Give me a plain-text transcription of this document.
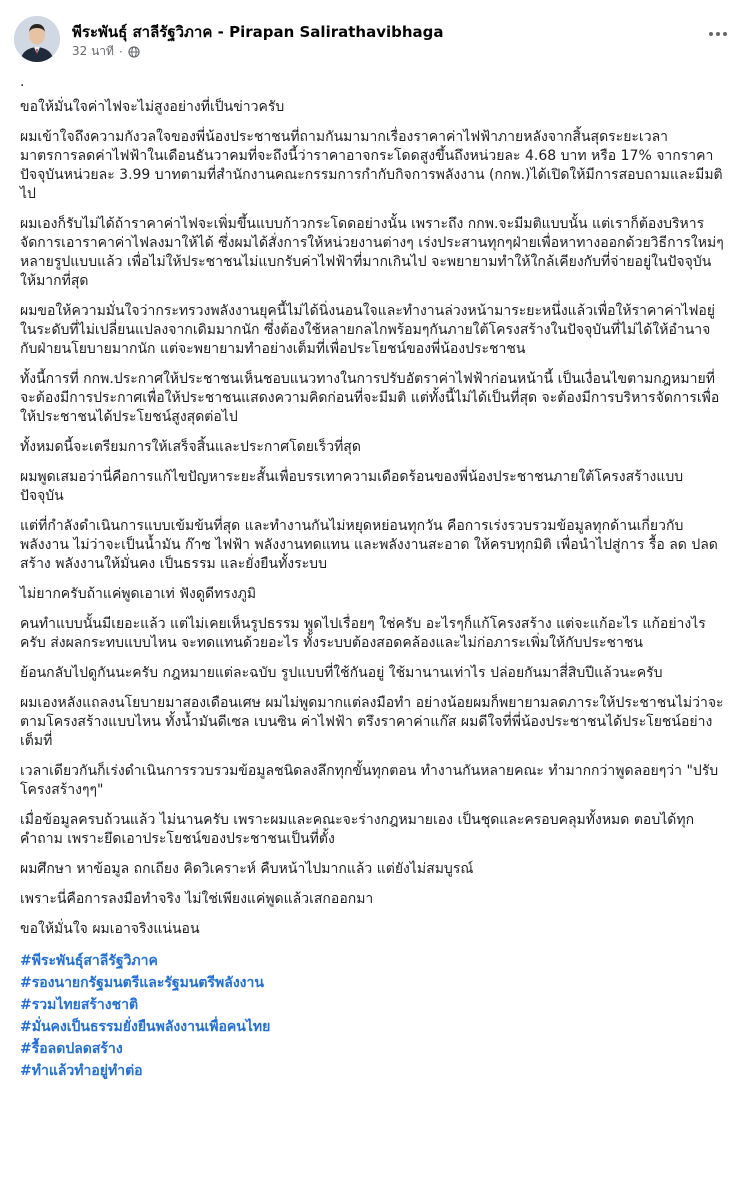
พีระพันธุ์ สาลีรัฐวิภาค - Pirapan Salirathavibhaga
32 นาที ·
.

ขอให้มั่นใจค่าไฟจะไม่สูงอย่างที่เป็นข่าวครับ

ผมเข้าใจถึงความกังวลใจของพี่น้องประชาชนที่ถามกันมามากเรื่องราคาค่าไฟฟ้าภายหลังจากสิ้นสุดระยะเวลามาตรการลดค่าไฟฟ้าในเดือนธันวาคมที่จะถึงนี้ว่าราคาอาจกระโดดสูงขึ้นถึงหน่วยละ 4.68 บาท หรือ 17% จากราคาปัจจุบันหน่วยละ 3.99 บาทตามที่สำนักงานคณะกรรมการกำกับกิจการพลังงาน (กกพ.)ได้เปิดให้มีการสอบถามและมีมติไป

ผมเองก็รับไม่ได้ถ้าราคาค่าไฟจะเพิ่มขึ้นแบบก้าวกระโดดอย่างนั้น เพราะถึง กกพ.จะมีมติแบบนั้น แต่เราก็ต้องบริหารจัดการเอาราคาค่าไฟลงมาให้ได้ ซึ่งผมได้สั่งการให้หน่วยงานต่างๆ เร่งประสานทุกๆฝ่ายเพื่อหาทางออกด้วยวิธีการใหม่ๆหลายรูปแบบแล้ว เพื่อไม่ให้ประชาชนไม่แบกรับค่าไฟฟ้าที่มากเกินไป จะพยายามทำให้ใกล้เคียงกับที่จ่ายอยู่ในปัจจุบันให้มากที่สุด

ผมขอให้ความมั่นใจว่ากระทรวงพลังงานยุคนี้ไม่ได้นิ่งนอนใจและทำงานล่วงหน้ามาระยะหนึ่งแล้วเพื่อให้ราคาค่าไฟอยู่ในระดับที่ไม่เปลี่ยนแปลงจากเดิมมากนัก ซึ่งต้องใช้หลายกลไกพร้อมๆกันภายใต้โครงสร้างในปัจจุบันที่ไม่ได้ให้อำนาจกับฝ่ายนโยบายมากนัก แต่จะพยายามทำอย่างเต็มที่เพื่อประโยชน์ของพี่น้องประชาชน

ทั้งนี้การที่ กกพ.ประกาศให้ประชาชนเห็นชอบแนวทางในการปรับอัตราค่าไฟฟ้าก่อนหน้านี้ เป็นเงื่อนไขตามกฎหมายที่จะต้องมีการประกาศเพื่อให้ประชาชนแสดงความคิดก่อนที่จะมีมติ แต่ทั้งนี้ไม่ได้เป็นที่สุด จะต้องมีการบริหารจัดการเพื่อให้ประชาชนได้ประโยชน์สูงสุดต่อไป

ทั้งหมดนี้จะเตรียมการให้เสร็จสิ้นและประกาศโดยเร็วที่สุด

ผมพูดเสมอว่านี่คือการแก้ไขปัญหาระยะสั้นเพื่อบรรเทาความเดือดร้อนของพี่น้องประชาชนภายใต้โครงสร้างแบบปัจจุบัน

แต่ที่กำลังดำเนินการแบบเข้มข้นที่สุด และทำงานกันไม่หยุดหย่อนทุกวัน คือการเร่งรวบรวมข้อมูลทุกด้านเกี่ยวกับพลังงาน ไม่ว่าจะเป็นน้ำมัน ก๊าซ ไฟฟ้า พลังงานทดแทน และพลังงานสะอาด ให้ครบทุกมิติ เพื่อนำไปสู่การ รื้อ ลด ปลด สร้าง พลังงานให้มั่นคง เป็นธรรม และยั่งยืนทั้งระบบ

ไม่ยากครับถ้าแค่พูดเอาเท่ ฟังดูดีทรงภูมิ

คนทำแบบนั้นมีเยอะแล้ว แต่ไม่เคยเห็นรูปธรรม พูดไปเรื่อยๆ ใช่ครับ อะไรๆก็แก้โครงสร้าง แต่จะแก้อะไร แก้อย่างไรครับ ส่งผลกระทบแบบไหน จะทดแทนด้วยอะไร ทั้งระบบต้องสอดคล้องและไม่ก่อภาระเพิ่มให้กับประชาชน

ย้อนกลับไปดูกันนะครับ กฎหมายแต่ละฉบับ รูปแบบที่ใช้กันอยู่ ใช้มานานเท่าไร ปล่อยกันมาสี่สิบปีแล้วนะครับ

ผมเองหลังแถลงนโยบายมาสองเดือนเศษ ผมไม่พูดมากแต่ลงมือทำ อย่างน้อยผมก็พยายามลดภาระให้ประชาชนไม่ว่าจะตามโครงสร้างแบบไหน ทั้งน้ำมันดีเซล เบนซิน ค่าไฟฟ้า ตรึงราคาค่าแก๊ส ผมดีใจที่พี่น้องประชาชนได้ประโยชน์อย่างเต็มที่

เวลาเดียวกันก็เร่งดำเนินการรวบรวมข้อมูลชนิดลงลึกทุกขั้นทุกตอน ทำงานกันหลายคณะ ทำมากกว่าพูดลอยๆว่า "ปรับโครงสร้างๆๆ"

เมื่อข้อมูลครบถ้วนแล้ว ไม่นานครับ เพราะผมและคณะจะร่างกฎหมายเอง เป็นชุดและครอบคลุมทั้งหมด ตอบได้ทุกคำถาม เพราะยึดเอาประโยชน์ของประชาชนเป็นที่ตั้ง

ผมศึกษา หาข้อมูล ถกเถียง คิดวิเคราะห์ คืบหน้าไปมากแล้ว แต่ยังไม่สมบูรณ์

เพราะนี่คือการลงมือทำจริง ไม่ใช่เพียงแค่พูดแล้วเสกออกมา

ขอให้มั่นใจ ผมเอาจริงแน่นอน

#พีระพันธุ์สาลีรัฐวิภาค
#รองนายกรัฐมนตรีและรัฐมนตรีพลังงาน
#รวมไทยสร้างชาติ
#มั่นคงเป็นธรรมยั่งยืนพลังงานเพื่อคนไทย
#รื้อลดปลดสร้าง
#ทำแล้วทำอยู่ทำต่อ
